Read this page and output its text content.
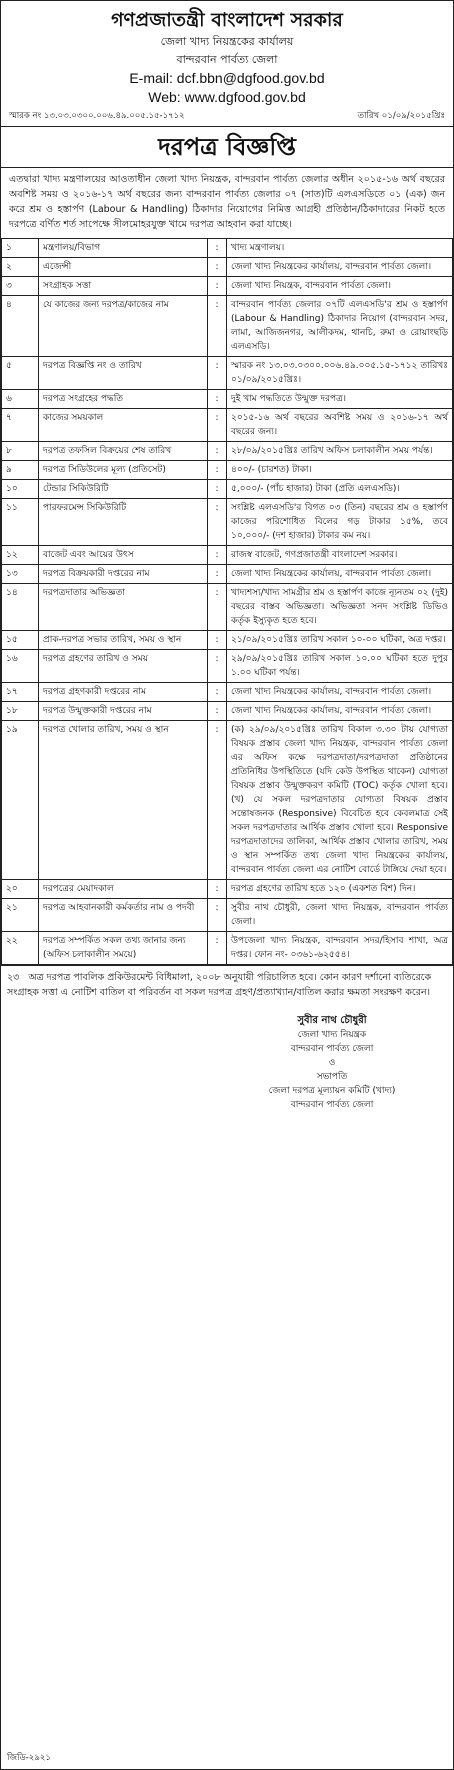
গণপ্রজাতন্ত্রী বাংলাদেশ সরকার
জেলা খাদ্য নিয়ন্ত্রকের কার্যালয়
বান্দরবান পার্বত্য জেলা
E-mail: dcf.bbn@dgfood.gov.bd
Web: www.dgfood.gov.bd
স্মারক নং ১৩.০৩.০৩০০.০০৬.৪৯.০০৫.১৫-১৭১২	তারিখ ০১/০৯/২০১৫খ্রিঃ
দরপত্র বিজ্ঞপ্তি
এতদ্বারা খাদ্য মন্ত্রণালয়ের আওতাধীন জেলা খাদ্য নিয়ন্ত্রক, বান্দরবান পার্বত্য জেলার অধীন ২০১৫-১৬ অর্থ বছরের অবশিষ্ট সময় ও ২০১৬-১৭ অর্থ বছরের জন্য বান্দরবান পার্বত্য জেলার ০৭ (সাত)টি এলএসডিতে ০১ (এক) জন করে শ্রম ও হস্তার্পণ (Labour & Handling) ঠিকাদার নিয়োগের নিমিত্ত আগ্রহী প্রতিষ্ঠান/ঠিকাদারের নিকট হতে দরপত্রে বর্ণিত শর্ত সাপেক্ষে সীলমোহরযুক্ত খামে দরপত্র আহবান করা যাচ্ছে।
১	মন্ত্রণালয়/বিভাগ	:	খাদ্য মন্ত্রণালয়।
২	এজেন্সী	:	জেলা খাদ্য নিয়ন্ত্রকের কার্যালয়, বান্দরবান পার্বত্য জেলা।
৩	সংগ্রাহক সত্তা	:	জেলা খাদ্য নিয়ন্ত্রক, বান্দরবান পার্বত্য জেলা।
৪	যে কাজের জন্য দরপত্র/কাজের নাম	:	বান্দরবান পার্বত্য জেলার ০৭টি এলএসডি'র শ্রম ও হস্তার্পণ (Labour & Handling) ঠিকাদার নিয়োগ (বান্দরবান সদর, লামা, আজিজনগর, আলীকদম, থানচি, রুমা ও রোয়াংছড়ি এলএসডি।
৫	দরপত্র বিজ্ঞপ্তি নং ও তারিখ	:	স্মারক নং ১৩.০৩.০৩০০.০০৬.৪৯.০০৫.১৫-১৭১২ তারিখঃ ০১/০৯/২০১৫খ্রিঃ।
৬	দরপত্র সংগ্রহের পদ্ধতি	:	দুই খাম পদ্ধতিতে উন্মুক্ত দরপত্র।
৭	কাজের সময়কাল	:	২০১৫-১৬ অর্থ বছরের অবশিষ্ট সময় ও ২০১৬-১৭ অর্থ বছরের জন্য।
৮	দরপত্র তফসিল বিক্রয়ের শেষ তারিখ	:	২৮/০৯/২০১৫খ্রিঃ তারিখ অফিস চলাকালীন সময় পর্যন্ত।
৯	দরপত্র সিডিউলের মূল্য (প্রতিসেট)	:	৪০০/- (চারশত) টাকা।
১০	টেন্ডার সিকিউরিটি	:	৫,০০০/- (পাঁচ হাজার) টাকা (প্রতি এলএসডি)।
১১	পারফরমেন্স সিকিউরিটি	:	সংশ্লিষ্ট এলএসডি'র বিগত ০৩ (তিন) বছরের শ্রম ও হস্তার্পণ কাজের পরিশোধিত বিলের গড় টাকার ১৫%, তবে ১০,০০০/- (দশ হাজার) টাকার কম নয়।
১২	বাজেট এবং আয়ের উৎস	:	রাজস্ব বাজেট, গণপ্রজাতন্ত্রী বাংলাদেশ সরকার।
১৩	দরপত্র বিক্রয়কারী দপ্তরের নাম	:	জেলা খাদ্য নিয়ন্ত্রকের কার্যালয়, বান্দরবান পার্বত্য জেলা।
১৪	দরপত্রদাতার অভিজ্ঞতা	:	খাদ্যশস্য/খাদ্য সামগ্রীর শ্রম ও হস্তার্পণ কাজে ন্যূনতম ০২ (দুই) বছরের বাস্তব অভিজ্ঞতা। অভিজ্ঞতা সনদ সংশ্লিষ্ট ডিভিও কর্তৃক ইস্যুকৃত হতে হবে।
১৫	প্রাক-দরপত্র সভার তারিখ, সময় ও স্থান	:	২১/০৯/২০১৫খ্রিঃ তারিখ সকাল ১০-০০ ঘটিকা, অত্র দপ্তর।
১৬	দরপত্র গ্রহণের তারিখ ও সময়	:	২৯/০৯/২০১৫খ্রিঃ তারিখ সকাল ১০.০০ ঘটিকা হতে দুপুর ১.০০ ঘটিকা পর্যন্ত।
১৭	দরপত্র গ্রহণকারী দপ্তরের নাম	:	জেলা খাদ্য নিয়ন্ত্রকের কার্যালয়, বান্দরবান পার্বত্য জেলা।
১৮	দরপত্র উন্মুক্তকারী দপ্তরের নাম	:	জেলা খাদ্য নিয়ন্ত্রকের কার্যালয়, বান্দরবান পার্বত্য জেলা।
১৯	দরপত্র খোলার তারিখ, সময় ও স্থান	:	(ক) ২৯/০৯/২০১৫খ্রিঃ তারিখ বিকাল ৩.৩০ টায় যোগ্যতা বিষয়ক প্রস্তাব জেলা খাদ্য নিয়ন্ত্রক, বান্দরবান পার্বত্য জেলা এর অফিস কক্ষে দরপত্রদাতা/দরপত্রদাতা প্রতিষ্ঠানের প্রতিনিধির উপস্থিতিতে (যদি কেউ উপস্থিত থাকেন) যোগ্যতা বিষয়ক প্রস্তাব উন্মুক্তকরণ কমিটি (TOC) কর্তৃক খোলা হবে। (খ) যে সকল দরপত্রদাতার যোগ্যতা বিষয়ক প্রস্তাব সন্তোষজনক (Responsive) বিবেচিত হবে কেবলমাত্র সেই সকল দরপত্রদাতার আর্থিক প্রস্তাব খোলা হবে। Responsive দরপত্রদাতাদের তালিকা, আর্থিক প্রস্তাব খোলার তারিখ, সময় ও স্থান সম্পর্কিত তথ্য জেলা খাদ্য নিয়ন্ত্রকের কার্যালয়, বান্দরবান পার্বত্য জেলা এর নোটিশ বোর্ডে টাঙ্গিয়ে দেয়া হবে।
২০	দরপত্রের মেয়াদকাল	:	দরপত্র গ্রহণের তারিখ হতে ১২০ (একশত বিশ) দিন।
২১	দরপত্র আহবানকারী কর্মকর্তার নাম ও পদবী	:	সুবীর নাথ চৌধুরী, জেলা খাদ্য নিয়ন্ত্রক, বান্দরবান পার্বত্য জেলা।
২২	দরপত্র সম্পর্কিত সকল তথ্য জানার জন্য (অফিস চলাকালীন সময়ে)	:	উপজেলা খাদ্য নিয়ন্ত্রক, বান্দরবান সদর/হিসাব শাখা, অত্র দপ্তর। ফোন নং- ০৩৬১-৬২৫৫৪।
২৩ অত্র দরপত্র পাবলিক প্রকিউরমেন্ট বিধিমালা, ২০০৮ অনুযায়ী পরিচালিত হবে। কোন কারণ দর্শানো ব্যতিরেকে সংগ্রাহক সত্তা এ নোটিশ বাতিল বা পরিবর্তন বা সকল দরপত্র গ্রহণ/প্রত্যাখ্যান/বাতিল করার ক্ষমতা সংরক্ষণ করেন।
সুবীর নাথ চৌধুরী
জেলা খাদ্য নিয়ন্ত্রক
বান্দরবান পার্বত্য জেলা
ও
সভাপতি
জেলা দরপত্র মূল্যায়ন কমিটি (খাদ্য)
বান্দরবান পার্বত্য জেলা
জিডি-২৯২১
